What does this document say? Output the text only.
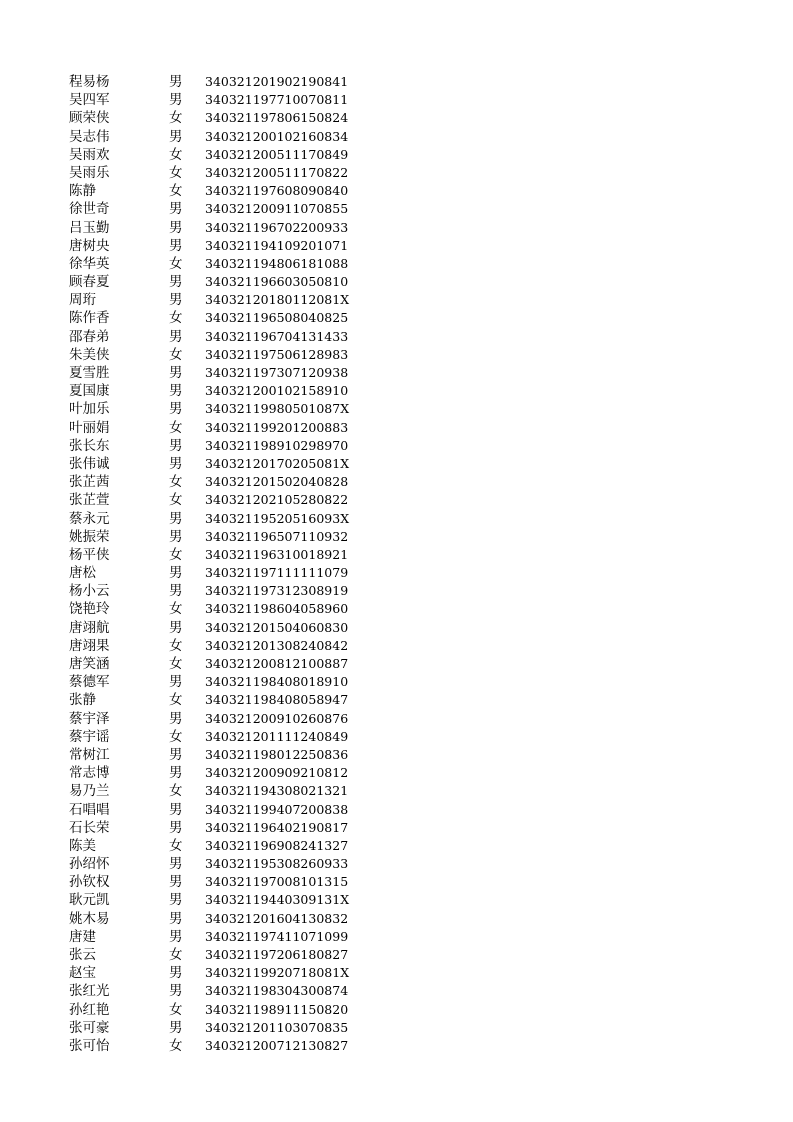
程易杨	男	340321201902190841
吴四军	男	340321197710070811
顾荣侠	女	340321197806150824
吴志伟	男	340321200102160834
吴雨欢	女	340321200511170849
吴雨乐	女	340321200511170822
陈静	女	340321197608090840
徐世奇	男	340321200911070855
吕玉勤	男	340321196702200933
唐树央	男	340321194109201071
徐华英	女	340321194806181088
顾春夏	男	340321196603050810
周珩	男	34032120180112081X
陈作香	女	340321196508040825
邵春弟	男	340321196704131433
朱美侠	女	340321197506128983
夏雪胜	男	340321197307120938
夏国康	男	340321200102158910
叶加乐	男	34032119980501087X
叶丽娟	女	340321199201200883
张长东	男	340321198910298970
张伟诚	男	34032120170205081X
张芷茜	女	340321201502040828
张芷萱	女	340321202105280822
蔡永元	男	34032119520516093X
姚振荣	男	340321196507110932
杨平侠	女	340321196310018921
唐松	男	340321197111111079
杨小云	男	340321197312308919
饶艳玲	女	340321198604058960
唐翊航	男	340321201504060830
唐翊果	女	340321201308240842
唐笑涵	女	340321200812100887
蔡德军	男	340321198408018910
张静	女	340321198408058947
蔡宇泽	男	340321200910260876
蔡宇谣	女	340321201111240849
常树江	男	340321198012250836
常志博	男	340321200909210812
易乃兰	女	340321194308021321
石唱唱	男	340321199407200838
石长荣	男	340321196402190817
陈美	女	340321196908241327
孙绍怀	男	340321195308260933
孙钦权	男	340321197008101315
耿元凯	男	34032119440309131X
姚木易	男	340321201604130832
唐建	男	340321197411071099
张云	女	340321197206180827
赵宝	男	34032119920718081X
张红光	男	340321198304300874
孙红艳	女	340321198911150820
张可豪	男	340321201103070835
张可怡	女	340321200712130827
